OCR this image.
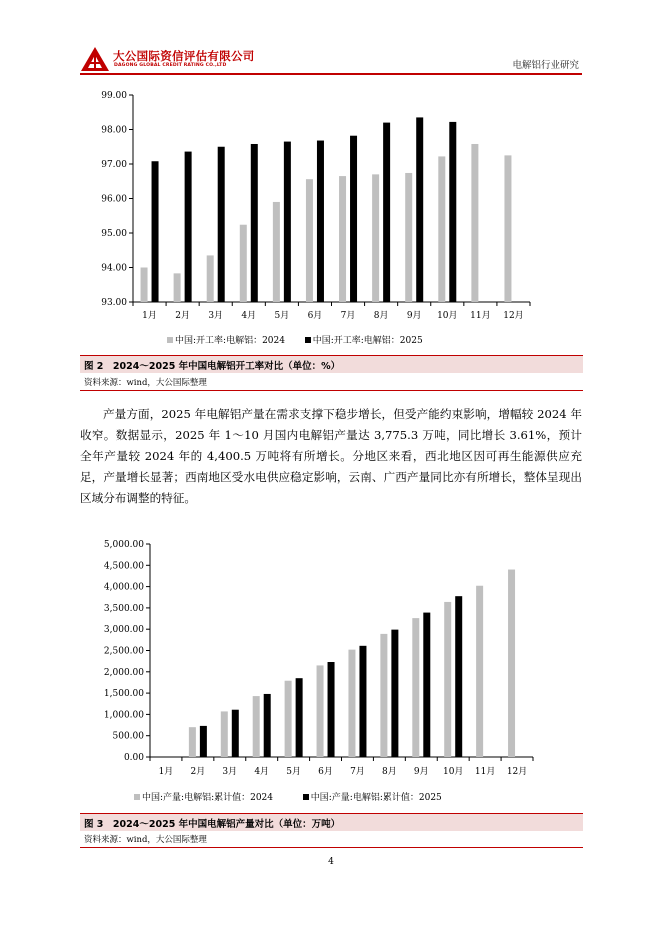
大公国际资信评估有限公司
DAGONG GLOBAL CREDIT RATING CO.,LTD	电解铝行业研究
93.00
94.00
95.00
96.00
97.00
98.00
99.00
1月 2月 3月 4月 5月 6月 7月 8月 9月 10月 11月 12月
中国:开工率:电解铝：2024	中国:开工率:电解铝：2025
图 2　2024～2025 年中国电解铝开工率对比（单位：%）
资料来源：wind，大公国际整理

产量方面，2025 年电解铝产量在需求支撑下稳步增长，但受产能约束影响，增幅较 2024 年收窄。数据显示，2025 年 1～10 月国内电解铝产量达 3,775.3 万吨，同比增长 3.61%，预计全年产量较 2024 年的 4,400.5 万吨将有所增长。分地区来看，西北地区因可再生能源供应充足，产量增长显著；西南地区受水电供应稳定影响，云南、广西产量同比亦有所增长，整体呈现出区域分布调整的特征。

0.00
500.00
1,000.00
1,500.00
2,000.00
2,500.00
3,000.00
3,500.00
4,000.00
4,500.00
5,000.00
1月 2月 3月 4月 5月 6月 7月 8月 9月 10月 11月 12月
中国:产量:电解铝:累计值：2024	中国:产量:电解铝:累计值：2025
图 3　2024～2025 年中国电解铝产量对比（单位：万吨）
资料来源：wind，大公国际整理
4
